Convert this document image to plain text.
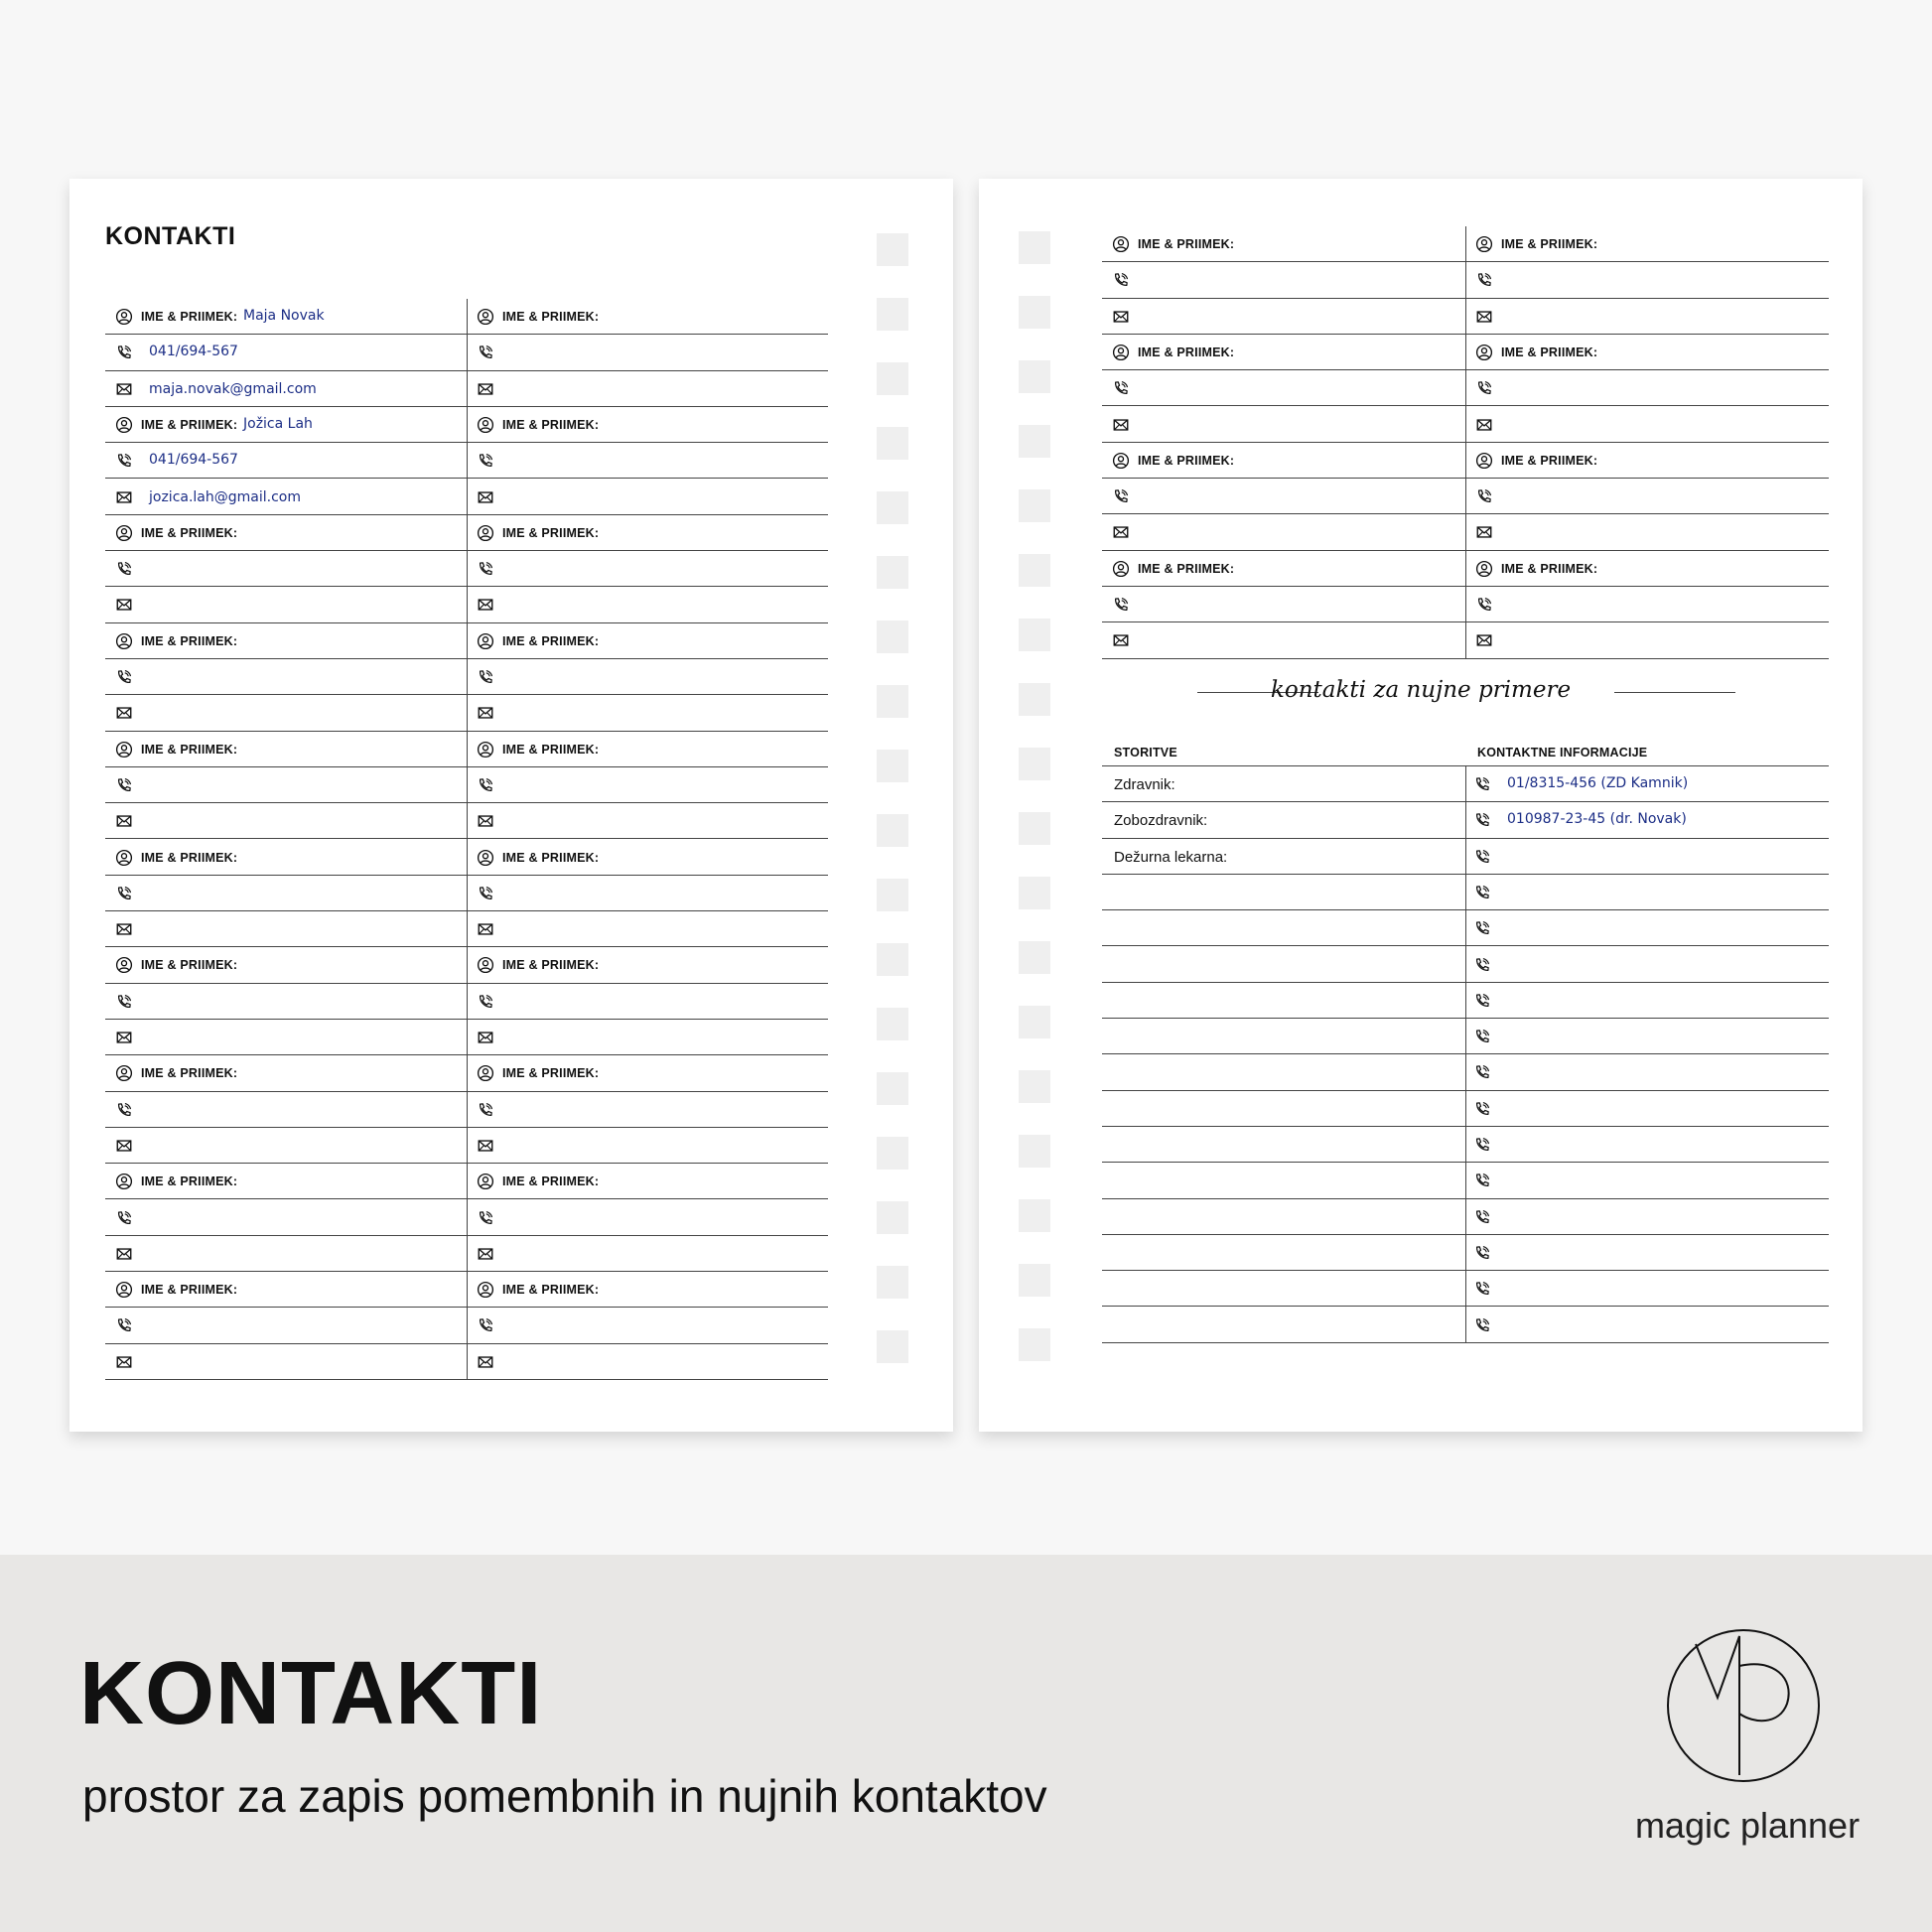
KONTAKTI
IME & PRIIMEK: Maja Novak
041/694-567
maja.novak@gmail.com
IME & PRIIMEK: Jožica Lah
041/694-567
jozica.lah@gmail.com
IME & PRIIMEK:
IME & PRIIMEK:
IME & PRIIMEK:
IME & PRIIMEK:
IME & PRIIMEK:
IME & PRIIMEK:
IME & PRIIMEK:
IME & PRIIMEK:
IME & PRIIMEK:
IME & PRIIMEK:
IME & PRIIMEK:
IME & PRIIMEK:
IME & PRIIMEK:
IME & PRIIMEK:
IME & PRIIMEK:
IME & PRIIMEK:
IME & PRIIMEK:
IME & PRIIMEK:
IME & PRIIMEK:
IME & PRIIMEK:
IME & PRIIMEK:
IME & PRIIMEK:
IME & PRIIMEK:
IME & PRIIMEK:
IME & PRIIMEK:
IME & PRIIMEK:
kontakti za nujne primere
STORITVE	KONTAKTNE INFORMACIJE
Zdravnik:	01/8315-456 (ZD Kamnik)
Zobozdravnik:	010987-23-45 (dr. Novak)
Dežurna lekarna:
KONTAKTI
prostor za zapis pomembnih in nujnih kontaktov
magic planner
